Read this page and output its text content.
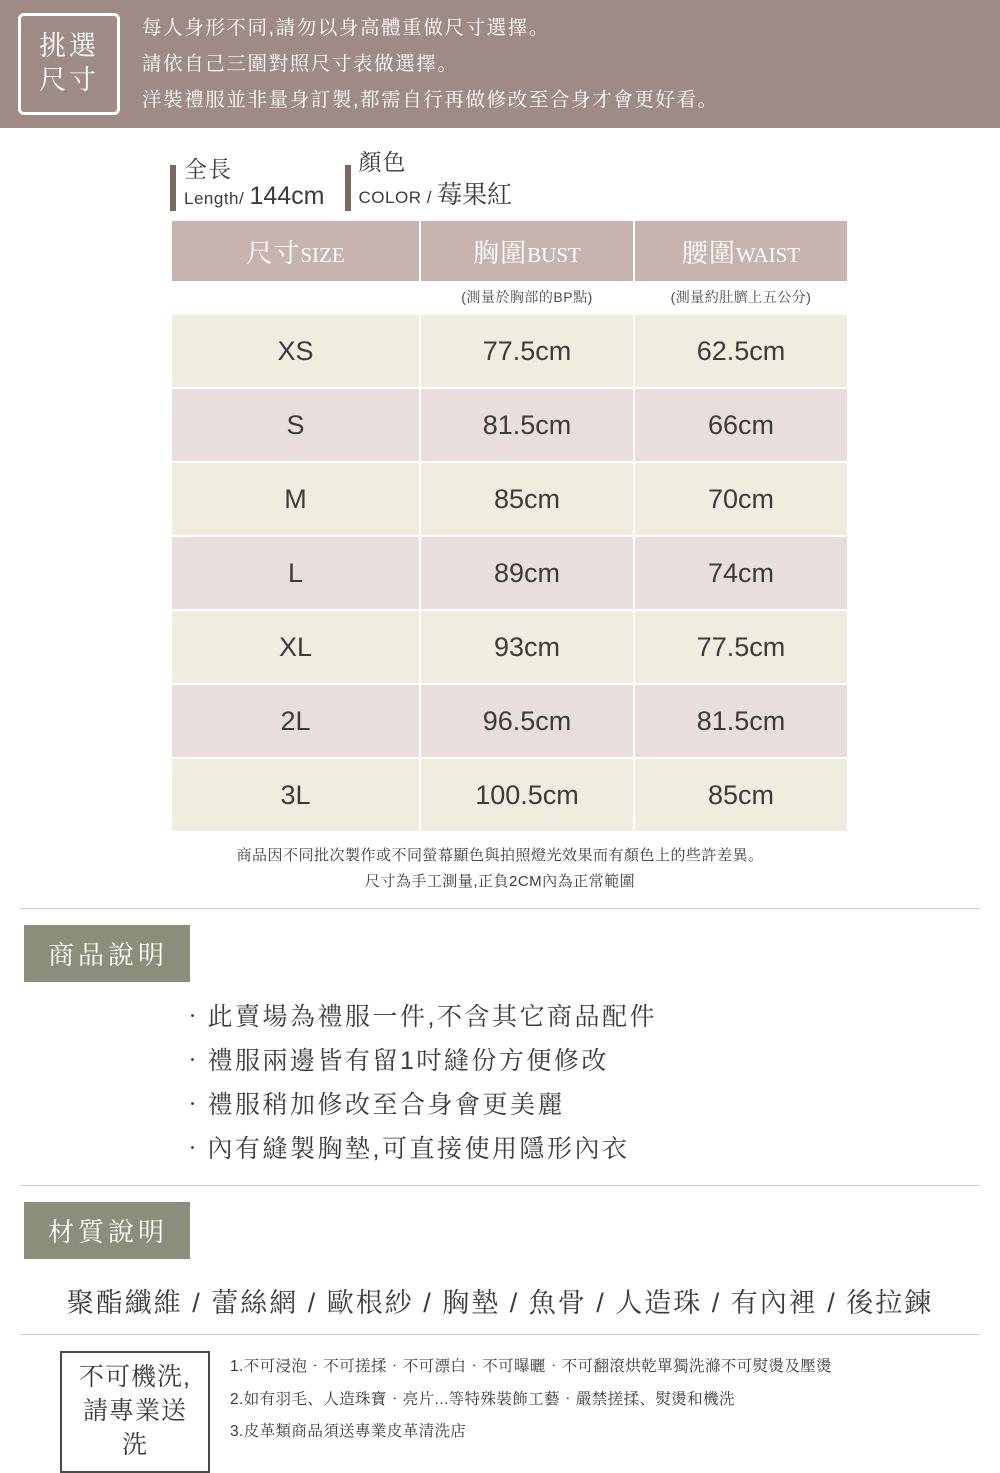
挑選
尺寸
每人身形不同,請勿以身高體重做尺寸選擇。
請依自己三圍對照尺寸表做選擇。
洋裝禮服並非量身訂製,都需自行再做修改至合身才會更好看。
全長
Length/ 144cm
顏色
COLOR / 莓果紅
尺寸SIZE	胸圍BUST	腰圍WAIST
	(測量於胸部的BP點)	(測量約肚臍上五公分)
XS	77.5cm	62.5cm
S	81.5cm	66cm
M	85cm	70cm
L	89cm	74cm
XL	93cm	77.5cm
2L	96.5cm	81.5cm
3L	100.5cm	85cm
商品因不同批次製作或不同螢幕顯色與拍照燈光效果而有顏色上的些許差異。
尺寸為手工測量,正負2CM內為正常範圍
商品說明
‧此賣場為禮服一件,不含其它商品配件
‧禮服兩邊皆有留1吋縫份方便修改
‧禮服稍加修改至合身會更美麗
‧內有縫製胸墊,可直接使用隱形內衣
材質說明
聚酯纖維 / 蕾絲網 / 歐根紗 / 胸墊 / 魚骨 / 人造珠 / 有內裡 / 後拉鍊
不可機洗,
請專業送洗
1.不可浸泡‧不可搓揉‧不可漂白‧不可曝曬‧不可翻滾烘乾單獨洗滌不可熨燙及壓燙
2.如有羽毛、人造珠寶‧亮片...等特殊裝飾工藝‧嚴禁搓揉、熨燙和機洗
3.皮革類商品須送專業皮革清洗店
